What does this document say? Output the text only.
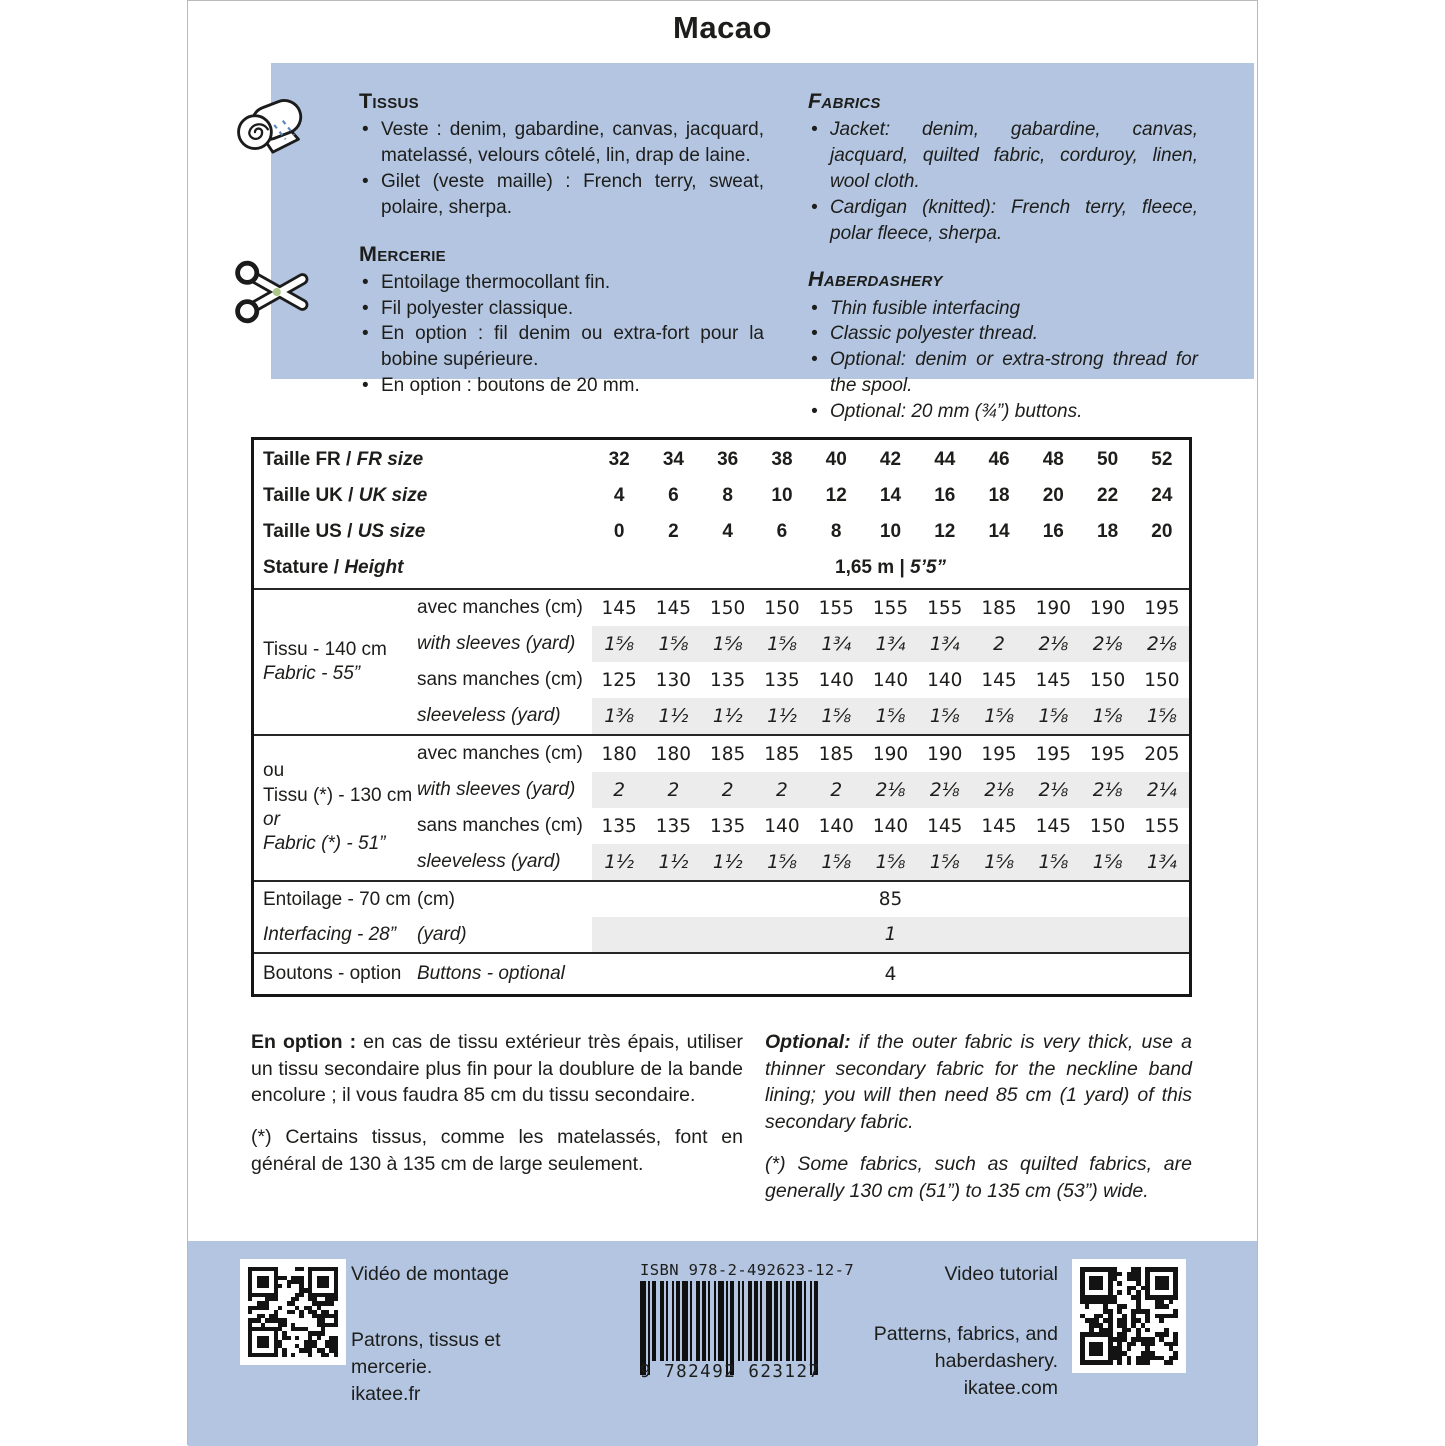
Macao
Tissus
• Veste : denim, gabardine, canvas, jacquard, matelassé, velours côtelé, lin, drap de laine.
• Gilet (veste maille) : French terry, sweat, polaire, sherpa.
Mercerie
• Entoilage thermocollant fin.
• Fil polyester classique.
• En option : fil denim ou extra-fort pour la bobine supérieure.
• En option : boutons de 20 mm.
Fabrics
• Jacket: denim, gabardine, canvas, jacquard, quilted fabric, corduroy, linen, wool cloth.
• Cardigan (knitted): French terry, fleece, polar fleece, sherpa.
Haberdashery
• Thin fusible interfacing
• Classic polyester thread.
• Optional: denim or extra-strong thread for the spool.
• Optional: 20 mm (¾”) buttons.
Taille FR / FR size	32	34	36	38	40	42	44	46	48	50	52
Taille UK / UK size	4	6	8	10	12	14	16	18	20	22	24
Taille US / US size	0	2	4	6	8	10	12	14	16	18	20
Stature / Height	1,65 m | 5’5”
Tissu - 140 cm
Fabric - 55”
avec manches (cm)	145	145	150	150	155	155	155	185	190	190	195
with sleeves (yard)	1⅝	1⅝	1⅝	1⅝	1¾	1¾	1¾	2	2⅛	2⅛	2⅛
sans manches (cm)	125	130	135	135	140	140	140	145	145	150	150
sleeveless (yard)	1⅜	1½	1½	1½	1⅝	1⅝	1⅝	1⅝	1⅝	1⅝	1⅝
ou
Tissu (*) - 130 cm
or
Fabric (*) - 51”
avec manches (cm)	180	180	185	185	185	190	190	195	195	195	205
with sleeves (yard)	2	2	2	2	2	2⅛	2⅛	2⅛	2⅛	2⅛	2¼
sans manches (cm)	135	135	135	140	140	140	145	145	145	150	155
sleeveless (yard)	1½	1½	1½	1⅝	1⅝	1⅝	1⅝	1⅝	1⅝	1⅝	1¾
Entoilage - 70 cm (cm)	85
Interfacing - 28”	(yard)	1
Boutons - option Buttons - optional	4

En option : en cas de tissu extérieur très épais, utiliser un tissu secondaire plus fin pour la doublure de la bande encolure ; il vous faudra 85 cm du tissu secondaire.

(*) Certains tissus, comme les matelassés, font en général de 130 à 135 cm de large seulement.

Optional: if the outer fabric is very thick, use a thinner secondary fabric for the neckline band lining; you will then need 85 cm (1 yard) of this secondary fabric.

(*) Some fabrics, such as quilted fabrics, are generally 130 cm (51”) to 135 cm (53”) wide.

Vidéo de montage
Patrons, tissus et
mercerie.
ikatee.fr
ISBN 978-2-492623-12-7
9 782492 623127
Video tutorial
Patterns, fabrics, and
haberdashery.
ikatee.com
